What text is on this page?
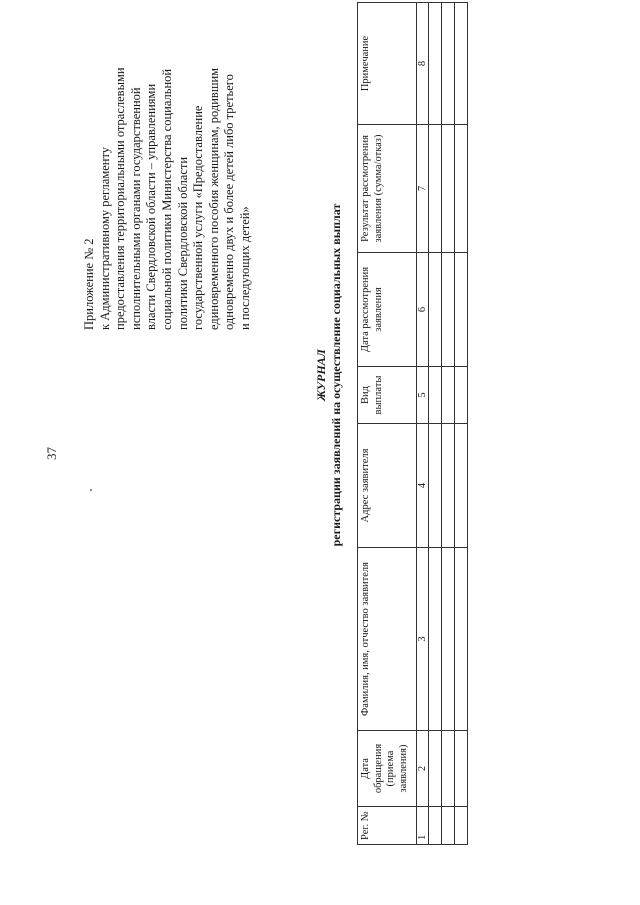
37
Приложение № 2 к Административному регламенту предоставления территориальными отраслевыми исполнительными органами государственной власти Свердловской области – управлениями социальной политики Министерства социальной политики Свердловской области государственной услуги «Предоставление единовременного пособия женщинам, родившим одновременно двух и более детей либо третьего и последующих детей»
ЖУРНАЛ регистрации заявлений на осуществление социальных выплат
Рег. №	Дата обращения (приема заявления)	Фамилия, имя, отчество заявителя	Адрес заявителя	Вид выплаты	Дата рассмотрения заявления	Результат рассмотрения заявления (сумма/отказ)	Примечание
1	2	3	4	5	6	7	8
